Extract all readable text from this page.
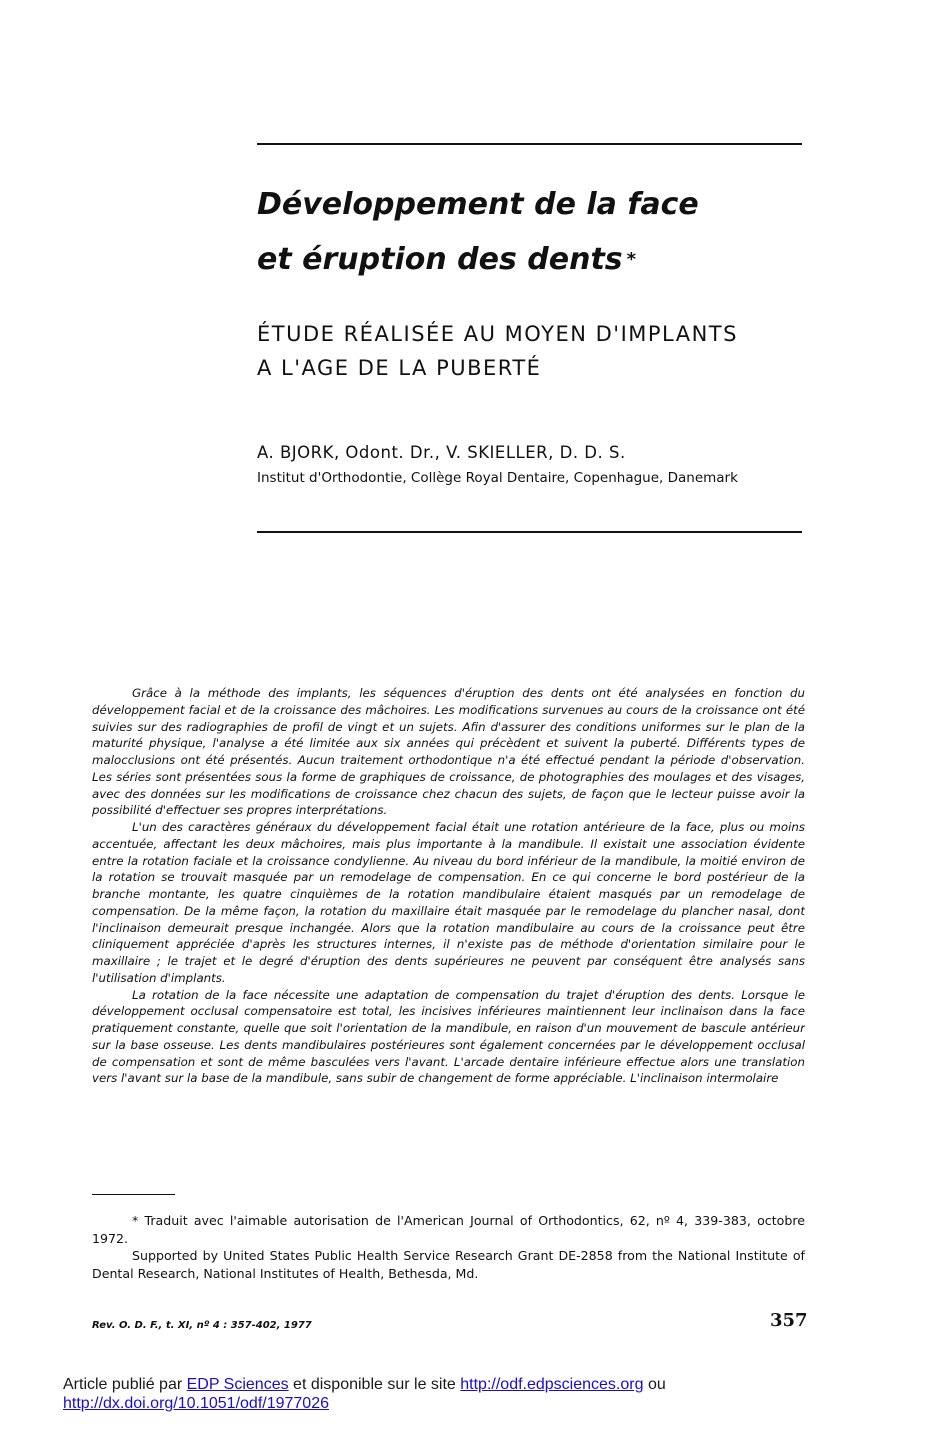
Développement de la face
et éruption des dents *

ÉTUDE RÉALISÉE AU MOYEN D'IMPLANTS

A L'AGE DE LA PUBERTÉ

A. BJORK, Odont. Dr., V. SKIELLER, D. D. S.

Institut d'Orthodontie, Collège Royal Dentaire, Copenhague, Danemark

Grâce à la méthode des implants, les séquences d'éruption des dents ont été analysées en fonction du développement facial et de la croissance des mâchoires. Les modifications survenues au cours de la croissance ont été suivies sur des radiographies de profil de vingt et un sujets. Afin d'assurer des conditions uniformes sur le plan de la maturité physique, l'analyse a été limitée aux six années qui précèdent et suivent la puberté. Différents types de malocclusions ont été présentés. Aucun traitement orthodontique n'a été effectué pendant la période d'observation. Les séries sont présentées sous la forme de graphiques de croissance, de photographies des moulages et des visages, avec des données sur les modifications de croissance chez chacun des sujets, de façon que le lecteur puisse avoir la possibilité d'effectuer ses propres interprétations.

L'un des caractères généraux du développement facial était une rotation antérieure de la face, plus ou moins accentuée, affectant les deux mâchoires, mais plus importante à la mandibule. Il existait une association évidente entre la rotation faciale et la croissance condylienne. Au niveau du bord inférieur de la mandibule, la moitié environ de la rotation se trouvait masquée par un remodelage de compensation. En ce qui concerne le bord postérieur de la branche montante, les quatre cinquièmes de la rotation mandibulaire étaient masqués par un remodelage de compensation. De la même façon, la rotation du maxillaire était masquée par le remodelage du plancher nasal, dont l'inclinaison demeurait presque inchangée. Alors que la rotation mandibulaire au cours de la croissance peut être cliniquement appréciée d'après les structures internes, il n'existe pas de méthode d'orientation similaire pour le maxillaire ; le trajet et le degré d'éruption des dents supérieures ne peuvent par conséquent être analysés sans l'utilisation d'implants.

La rotation de la face nécessite une adaptation de compensation du trajet d'éruption des dents. Lorsque le développement occlusal compensatoire est total, les incisives inférieures maintiennent leur inclinaison dans la face pratiquement constante, quelle que soit l'orientation de la mandibule, en raison d'un mouvement de bascule antérieur sur la base osseuse. Les dents mandibulaires postérieures sont également concernées par le développement occlusal de compensation et sont de même basculées vers l'avant. L'arcade dentaire inférieure effectue alors une translation vers l'avant sur la base de la mandibule, sans subir de changement de forme appréciable. L'inclinaison intermolaire

* Traduit avec l'aimable autorisation de l'American Journal of Orthodontics, 62, nº 4, 339-383, octobre 1972.

Supported by United States Public Health Service Research Grant DE-2858 from the National Institute of Dental Research, National Institutes of Health, Bethesda, Md.

Rev. O. D. F., t. XI, nº 4 : 357-402, 1977	357

Article publié par EDP Sciences et disponible sur le site http://odf.edpsciences.org ou
http://dx.doi.org/10.1051/odf/1977026
